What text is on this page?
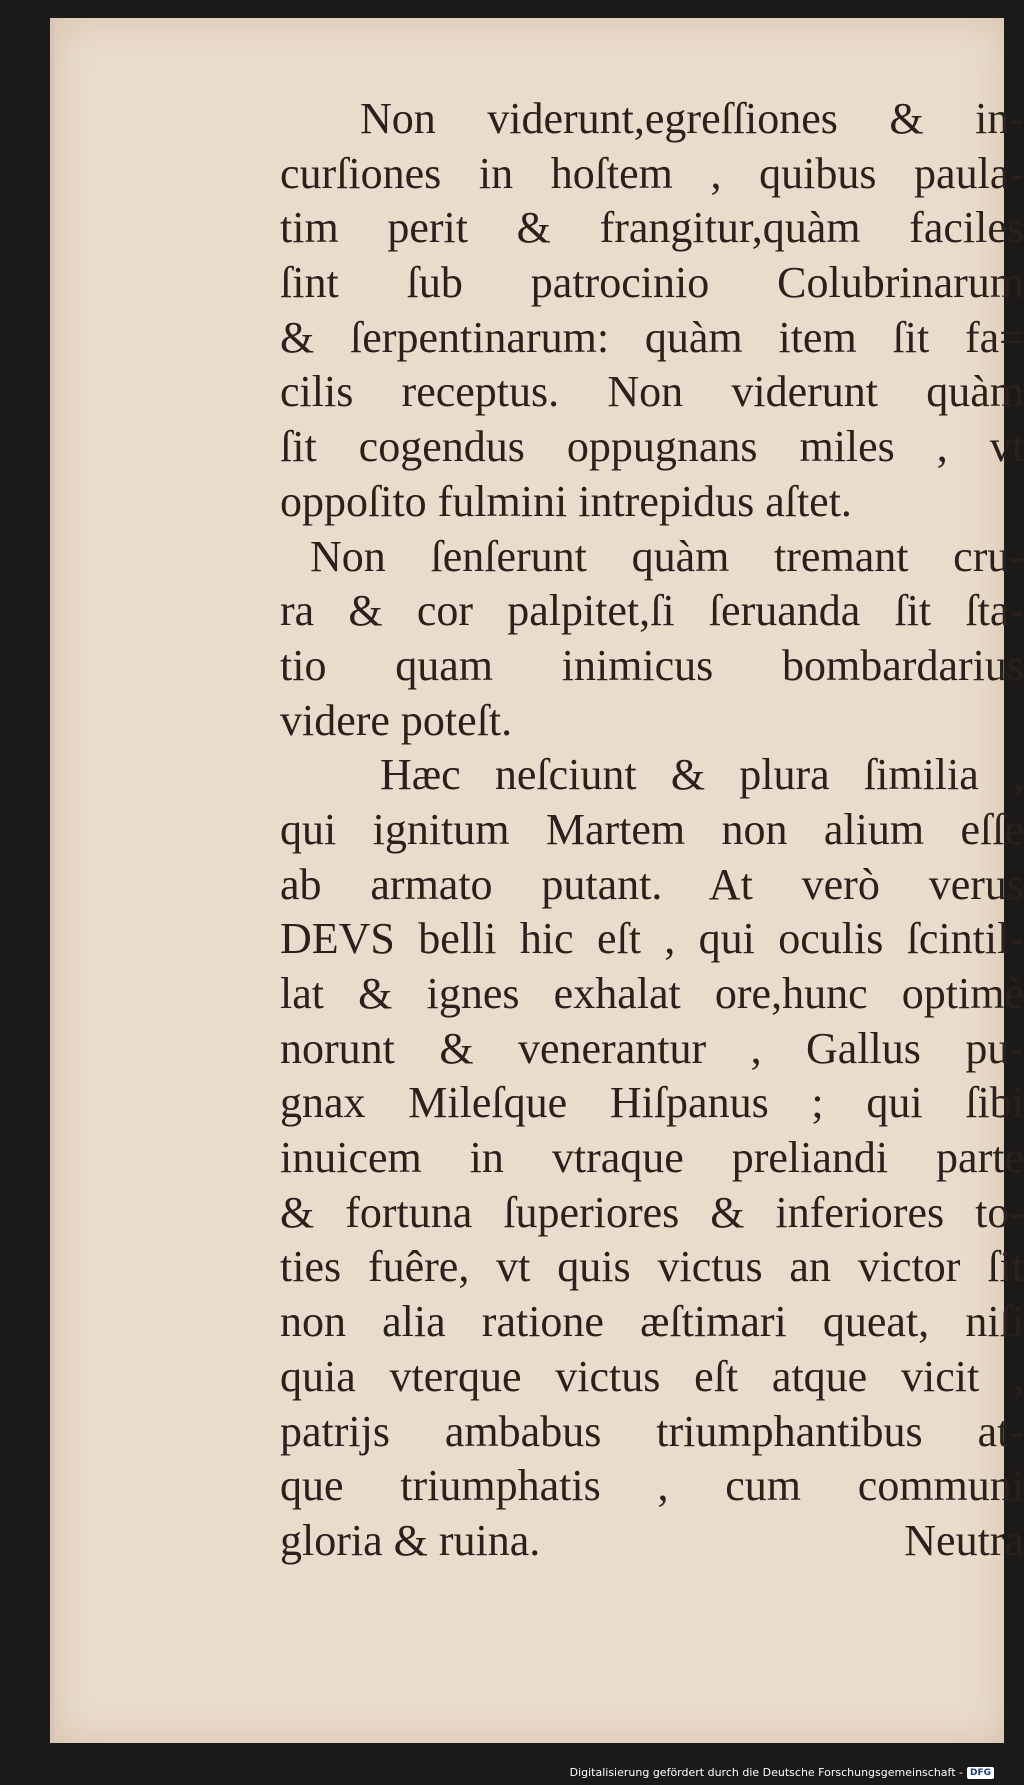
Non viderunt,egreſſiones & in-
curſiones in hoſtem , quibus paula-
tim perit & frangitur,quàm faciles
ſint ſub patrocinio Colubrinarum
& ſerpentinarum: quàm item ſit fa=
cilis receptus. Non viderunt quàm
ſit cogendus oppugnans miles , vt
oppoſito fulmini intrepidus aſtet.
Non ſenſerunt quàm tremant cru-
ra & cor palpitet,ſi ſeruanda ſit ſta-
tio quam inimicus bombardarius
videre poteſt.
Hæc neſciunt & plura ſimilia ,
qui ignitum Martem non alium eſſe
ab armato putant. At verò verus
DEVS belli hic eſt , qui oculis ſcintil-
lat & ignes exhalat ore,hunc optimè
norunt & venerantur , Gallus pu-
gnax Mileſque Hiſpanus ; qui ſibi
inuicem in vtraque preliandi parte
& fortuna ſuperiores & inferiores to-
ties fuêre, vt quis victus an victor ſit
non alia ratione æſtimari queat, niſi
quia vterque victus eſt atque vicit ,
patrijs ambabus triumphantibus at-
que triumphatis , cum communi
gloria & ruina.	Neutra
Digitalisierung gefördert durch die Deutsche Forschungsgemeinschaft - DFG
